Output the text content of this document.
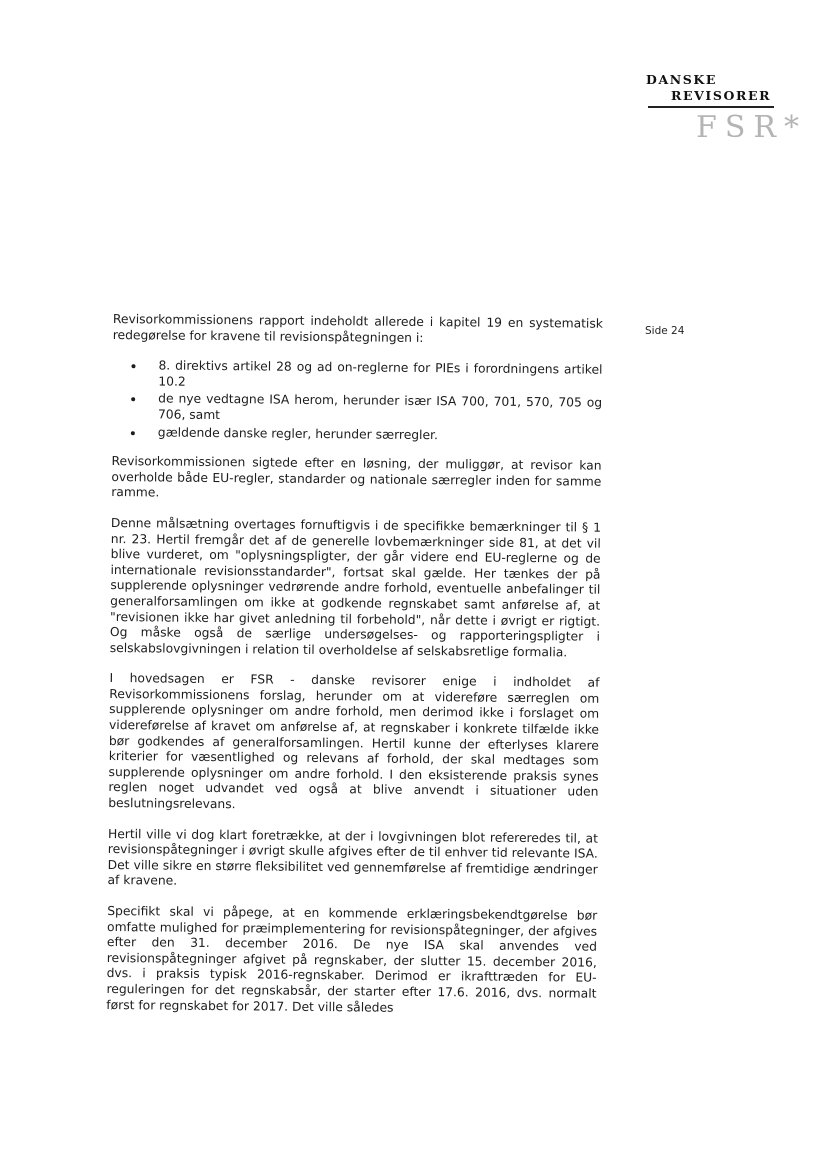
DANSKE
REVISORER
FSR*
Side 24

Revisorkommissionens rapport indeholdt allerede i kapitel 19 en systematisk redegørelse for kravene til revisionspåtegningen i:

8. direktivs artikel 28 og ad on-reglerne for PIEs i forordningens artikel 10.2
de nye vedtagne ISA herom, herunder især ISA 700, 701, 570, 705 og 706, samt
gældende danske regler, herunder særregler.

Revisorkommissionen sigtede efter en løsning, der muliggør, at revisor kan overholde både EU-regler, standarder og nationale særregler inden for samme ramme.

Denne målsætning overtages fornuftigvis i de specifikke bemærkninger til § 1 nr. 23. Hertil fremgår det af de generelle lovbemærkninger side 81, at det vil blive vurderet, om "oplysningspligter, der går videre end EU-reglerne og de internationale revisionsstandarder", fortsat skal gælde. Her tænkes der på supplerende oplysninger vedrørende andre forhold, eventuelle anbefalinger til generalforsamlingen om ikke at godkende regnskabet samt anførelse af, at "revisionen ikke har givet anledning til forbehold", når dette i øvrigt er rigtigt. Og måske også de særlige undersøgelses- og rapporteringspligter i selskabslovgivningen i relation til overholdelse af selskabsretlige formalia.

I hovedsagen er FSR - danske revisorer enige i indholdet af Revisorkommissionens forslag, herunder om at videreføre særreglen om supplerende oplysninger om andre forhold, men derimod ikke i forslaget om videreførelse af kravet om anførelse af, at regnskaber i konkrete tilfælde ikke bør godkendes af generalforsamlingen. Hertil kunne der efterlyses klarere kriterier for væsentlighed og relevans af forhold, der skal medtages som supplerende oplysninger om andre forhold. I den eksisterende praksis synes reglen noget udvandet ved også at blive anvendt i situationer uden beslutningsrelevans.

Hertil ville vi dog klart foretrække, at der i lovgivningen blot refereredes til, at revisionspåtegninger i øvrigt skulle afgives efter de til enhver tid relevante ISA. Det ville sikre en større fleksibilitet ved gennemførelse af fremtidige ændringer af kravene.

Specifikt skal vi påpege, at en kommende erklæringsbekendtgørelse bør omfatte mulighed for præimplementering for revisionspåtegninger, der afgives efter den 31. december 2016. De nye ISA skal anvendes ved revisionspåtegninger afgivet på regnskaber, der slutter 15. december 2016, dvs. i praksis typisk 2016-regnskaber. Derimod er ikrafttræden for EU-reguleringen for det regnskabsår, der starter efter 17.6. 2016, dvs. normalt først for regnskabet for 2017. Det ville således
